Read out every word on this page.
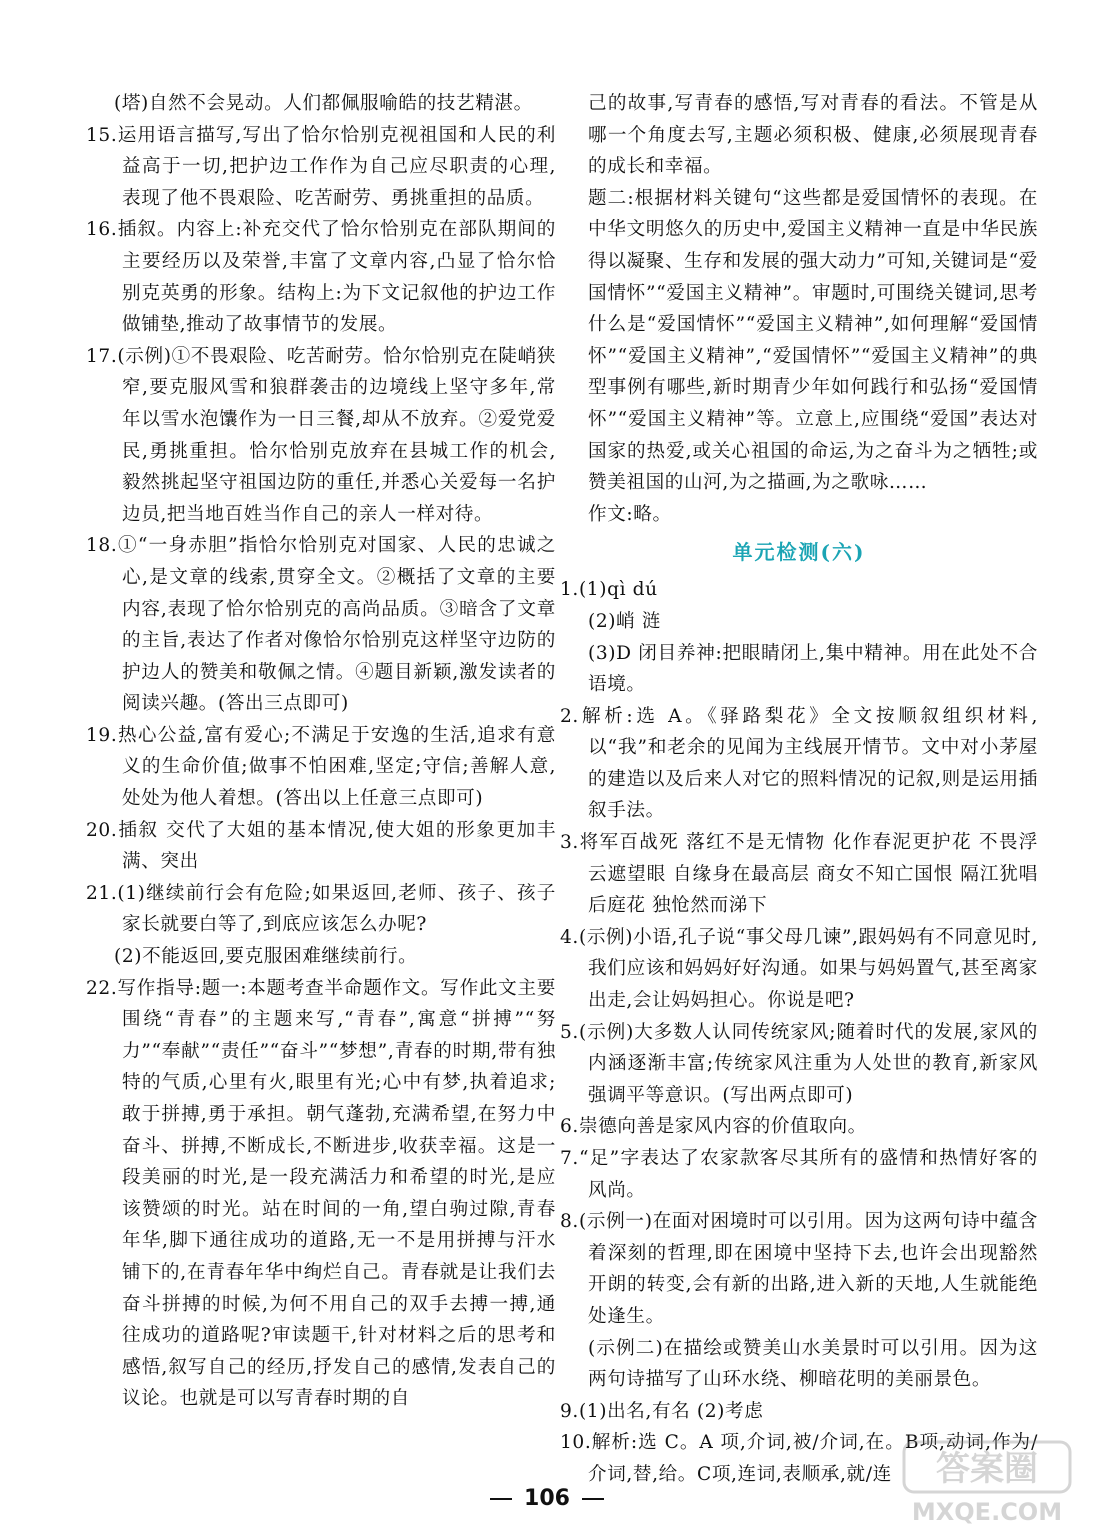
(塔)自然不会晃动。人们都佩服喻皓的技艺精湛。

15.运用语言描写,写出了恰尔恰别克视祖国和人民的利益高于一切,把护边工作作为自己应尽职责的心理,表现了他不畏艰险、吃苦耐劳、勇挑重担的品质。

16.插叙。内容上:补充交代了恰尔恰别克在部队期间的主要经历以及荣誉,丰富了文章内容,凸显了恰尔恰别克英勇的形象。结构上:为下文记叙他的护边工作做铺垫,推动了故事情节的发展。

17.(示例)①不畏艰险、吃苦耐劳。恰尔恰别克在陡峭狭窄,要克服风雪和狼群袭击的边境线上坚守多年,常年以雪水泡馕作为一日三餐,却从不放弃。②爱党爱民,勇挑重担。恰尔恰别克放弃在县城工作的机会,毅然挑起坚守祖国边防的重任,并悉心关爱每一名护边员,把当地百姓当作自己的亲人一样对待。

18.①“一身赤胆”指恰尔恰别克对国家、人民的忠诚之心,是文章的线索,贯穿全文。②概括了文章的主要内容,表现了恰尔恰别克的高尚品质。③暗含了文章的主旨,表达了作者对像恰尔恰别克这样坚守边防的护边人的赞美和敬佩之情。④题目新颖,激发读者的阅读兴趣。(答出三点即可)

19.热心公益,富有爱心;不满足于安逸的生活,追求有意义的生命价值;做事不怕困难,坚定;守信;善解人意,处处为他人着想。(答出以上任意三点即可)

20.插叙 交代了大姐的基本情况,使大姐的形象更加丰满、突出

21.(1)继续前行会有危险;如果返回,老师、孩子、孩子家长就要白等了,到底应该怎么办呢?

(2)不能返回,要克服困难继续前行。

22.写作指导:题一:本题考查半命题作文。写作此文主要围绕“青春”的主题来写,“青春”,寓意“拼搏”“努力”“奉献”“责任”“奋斗”“梦想”,青春的时期,带有独特的气质,心里有火,眼里有光;心中有梦,执着追求;敢于拼搏,勇于承担。朝气蓬勃,充满希望,在努力中奋斗、拼搏,不断成长,不断进步,收获幸福。这是一段美丽的时光,是一段充满活力和希望的时光,是应该赞颂的时光。站在时间的一角,望白驹过隙,青春年华,脚下通往成功的道路,无一不是用拼搏与汗水铺下的,在青春年华中绚烂自己。青春就是让我们去奋斗拼搏的时候,为何不用自己的双手去搏一搏,通往成功的道路呢?审读题干,针对材料之后的思考和感悟,叙写自己的经历,抒发自己的感情,发表自己的议论。也就是可以写青春时期的自

己的故事,写青春的感悟,写对青春的看法。不管是从哪一个角度去写,主题必须积极、健康,必须展现青春的成长和幸福。

题二:根据材料关键句“这些都是爱国情怀的表现。在中华文明悠久的历史中,爱国主义精神一直是中华民族得以凝聚、生存和发展的强大动力”可知,关键词是“爱国情怀”“爱国主义精神”。审题时,可围绕关键词,思考什么是“爱国情怀”“爱国主义精神”,如何理解“爱国情怀”“爱国主义精神”,“爱国情怀”“爱国主义精神”的典型事例有哪些,新时期青少年如何践行和弘扬“爱国情怀”“爱国主义精神”等。立意上,应围绕“爱国”表达对国家的热爱,或关心祖国的命运,为之奋斗为之牺牲;或赞美祖国的山河,为之描画,为之歌咏……

作文:略。

单元检测(六)

1.(1)qì dú

(2)峭 涟

(3)D 闭目养神:把眼睛闭上,集中精神。用在此处不合语境。

2.解析:选 A。《驿路梨花》全文按顺叙组织材料,以“我”和老余的见闻为主线展开情节。文中对小茅屋的建造以及后来人对它的照料情况的记叙,则是运用插叙手法。

3.将军百战死 落红不是无情物 化作春泥更护花 不畏浮云遮望眼 自缘身在最高层 商女不知亡国恨 隔江犹唱后庭花 独怆然而涕下

4.(示例)小语,孔子说“事父母几谏”,跟妈妈有不同意见时,我们应该和妈妈好好沟通。如果与妈妈置气,甚至离家出走,会让妈妈担心。你说是吧?

5.(示例)大多数人认同传统家风;随着时代的发展,家风的内涵逐渐丰富;传统家风注重为人处世的教育,新家风强调平等意识。(写出两点即可)

6.崇德向善是家风内容的价值取向。

7.“足”字表达了农家款客尽其所有的盛情和热情好客的风尚。

8.(示例一)在面对困境时可以引用。因为这两句诗中蕴含着深刻的哲理,即在困境中坚持下去,也许会出现豁然开朗的转变,会有新的出路,进入新的天地,人生就能绝处逢生。

(示例二)在描绘或赞美山水美景时可以引用。因为这两句诗描写了山环水绕、柳暗花明的美丽景色。

9.(1)出名,有名 (2)考虑

10.解析:选 C。A 项,介词,被/介词,在。B项,动词,作为/介词,替,给。C项,连词,表顺承,就/连

106
答案圈
MXQE.COM
